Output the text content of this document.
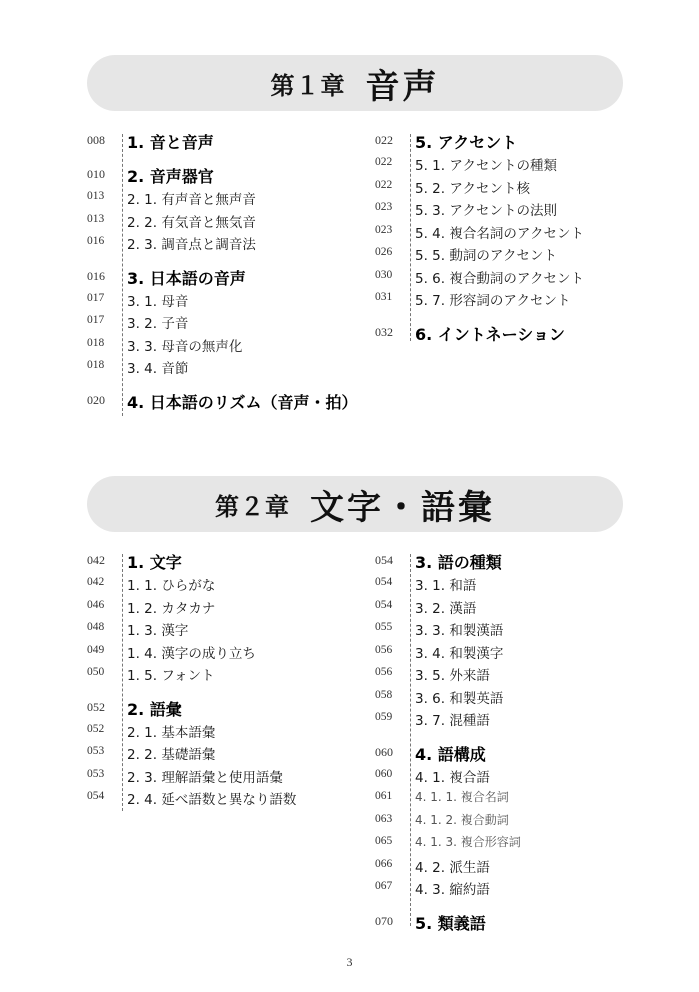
第１章 音声
008	1. 音と音声
010	2. 音声器官
013	2. 1. 有声音と無声音
013	2. 2. 有気音と無気音
016	2. 3. 調音点と調音法
016	3. 日本語の音声
017	3. 1. 母音
017	3. 2. 子音
018	3. 3. 母音の無声化
018	3. 4. 音節
020	4. 日本語のリズム（音声・拍）
022	5. アクセント
022	5. 1. アクセントの種類
022	5. 2. アクセント核
023	5. 3. アクセントの法則
023	5. 4. 複合名詞のアクセント
026	5. 5. 動詞のアクセント
030	5. 6. 複合動詞のアクセント
031	5. 7. 形容詞のアクセント
032	6. イントネーション
第２章 文字・語彙
042	1. 文字
042	1. 1. ひらがな
046	1. 2. カタカナ
048	1. 3. 漢字
049	1. 4. 漢字の成り立ち
050	1. 5. フォント
052	2. 語彙
052	2. 1. 基本語彙
053	2. 2. 基礎語彙
053	2. 3. 理解語彙と使用語彙
054	2. 4. 延べ語数と異なり語数
054	3. 語の種類
054	3. 1. 和語
054	3. 2. 漢語
055	3. 3. 和製漢語
056	3. 4. 和製漢字
056	3. 5. 外来語
058	3. 6. 和製英語
059	3. 7. 混種語
060	4. 語構成
060	4. 1. 複合語
061	4. 1. 1. 複合名詞
063	4. 1. 2. 複合動詞
065	4. 1. 3. 複合形容詞
066	4. 2. 派生語
067	4. 3. 縮約語
070	5. 類義語
3
